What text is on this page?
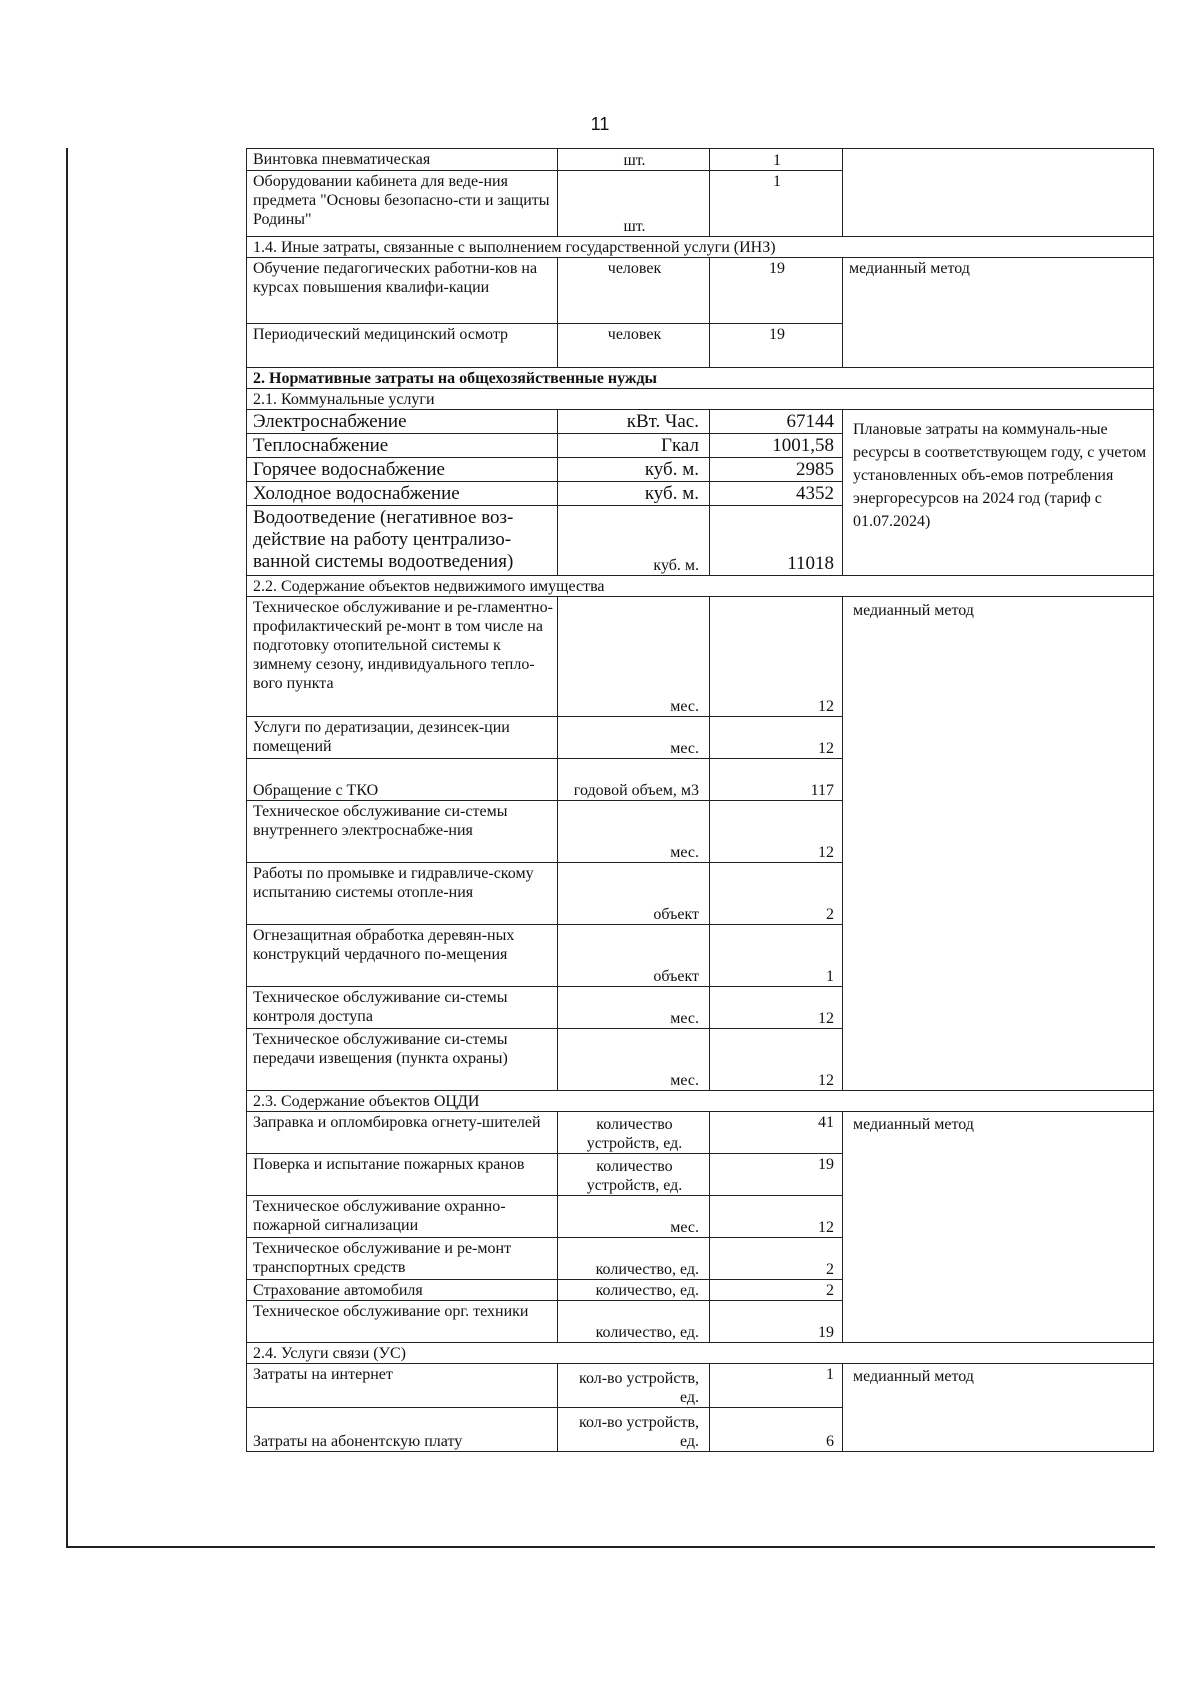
11
Винтовка пневматическая	шт.	1	
Оборудовании кабинета для веде-ния предмета "Основы безопасно-сти и защиты Родины"	шт.	1	
1.4. Иные затраты, связанные с выполнением государственной услуги (ИНЗ)			
Обучение педагогических работни-ков на курсах повышения квалифи-кации	человек	19	медианный метод
Периодический медицинский осмотр	человек	19	
2. Нормативные затраты на общехозяйственные нужды			
2.1. Коммунальные услуги			
Электроснабжение	кВт. Час.	67144	Плановые затраты на коммуналь-ные ресурсы в соответствующем году, с учетом установленных объ-емов потребления энергоресурсов на 2024 год (тариф с 01.07.2024)
Теплоснабжение	Гкал	1001,58	
Горячее водоснабжение	куб. м.	2985	
Холодное водоснабжение	куб. м.	4352	
Водоотведение (негативное воз-действие на работу централизо-ванной системы водоотведения)	куб. м.	11018	
2.2. Содержание объектов недвижимого имущества			
Техническое обслуживание и ре-гламентно-профилактический ре-монт в том числе на подготовку отопительной системы к зимнему сезону, индивидуального тепло-вого пункта	мес.	12	медианный метод
Услуги по дератизации, дезинсек-ции помещений	мес.	12	
Обращение с ТКО	годовой объем, м3	117	
Техническое обслуживание си-стемы внутреннего электроснабже-ния	мес.	12	
Работы по промывке и гидравличе-скому испытанию системы отопле-ния	объект	2	
Огнезащитная обработка деревян-ных конструкций чердачного по-мещения	объект	1	
Техническое обслуживание си-стемы контроля доступа	мес.	12	
Техническое обслуживание си-стемы передачи извещения (пункта охраны)	мес.	12	
2.3. Содержание объектов ОЦДИ			
Заправка и опломбировка огнету-шителей	количество устройств, ед.	41	медианный метод
Поверка и испытание пожарных кранов	количество устройств, ед.	19	
Техническое обслуживание охранно-пожарной сигнализации	мес.	12	
Техническое обслуживание и ре-монт транспортных средств	количество, ед.	2	
Страхование автомобиля	количество, ед.	2	
Техническое обслуживание орг. техники	количество, ед.	19	
2.4. Услуги связи (УС)			
Затраты на интернет	кол-во устройств, ед.	1	медианный метод
Затраты на абонентскую плату	кол-во устройств, ед.	6	
